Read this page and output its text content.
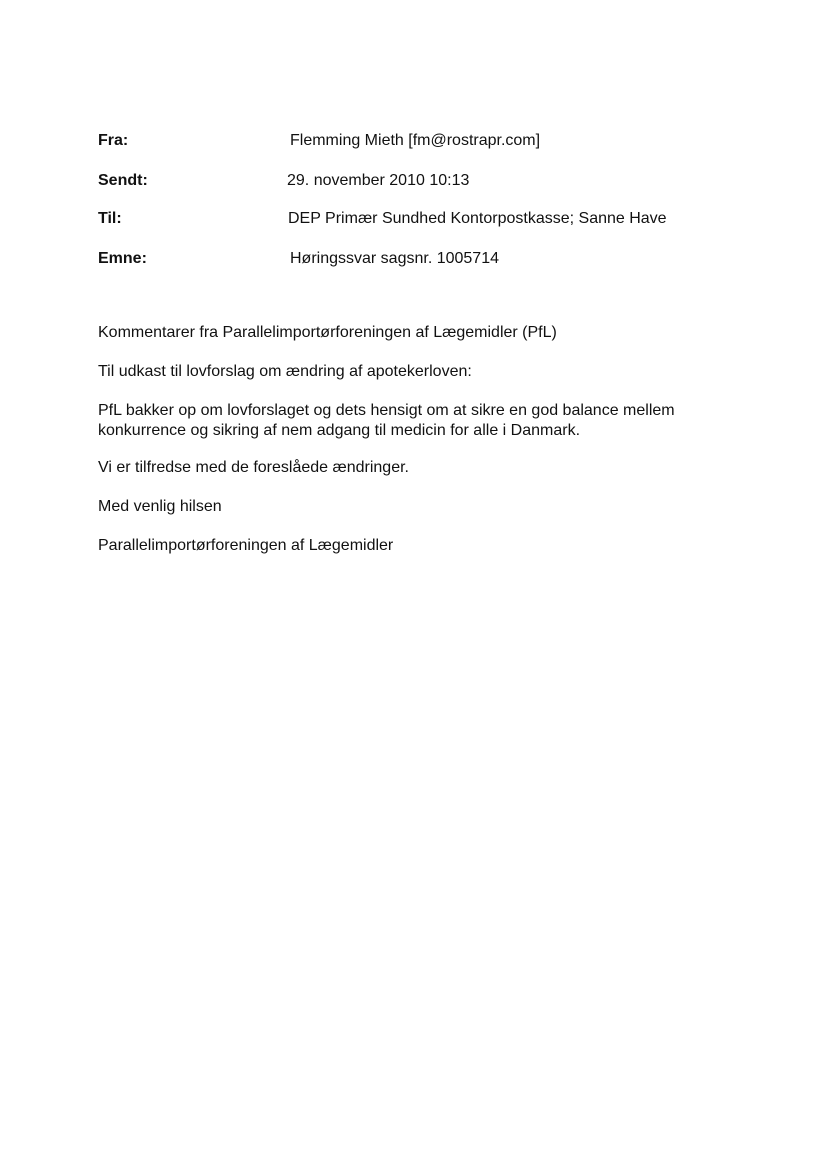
Fra:	Flemming Mieth [fm@rostrapr.com]
Sendt:	29. november 2010 10:13
Til:	DEP Primær Sundhed Kontorpostkasse; Sanne Have
Emne:	Høringssvar sagsnr. 1005714
Kommentarer fra Parallelimportørforeningen af Lægemidler (PfL)
Til udkast til lovforslag om ændring af apotekerloven:
PfL bakker op om lovforslaget og dets hensigt om at sikre en god balance mellem
konkurrence og sikring af nem adgang til medicin for alle i Danmark.
Vi er tilfredse med de foreslåede ændringer.
Med venlig hilsen
Parallelimportørforeningen af Lægemidler
